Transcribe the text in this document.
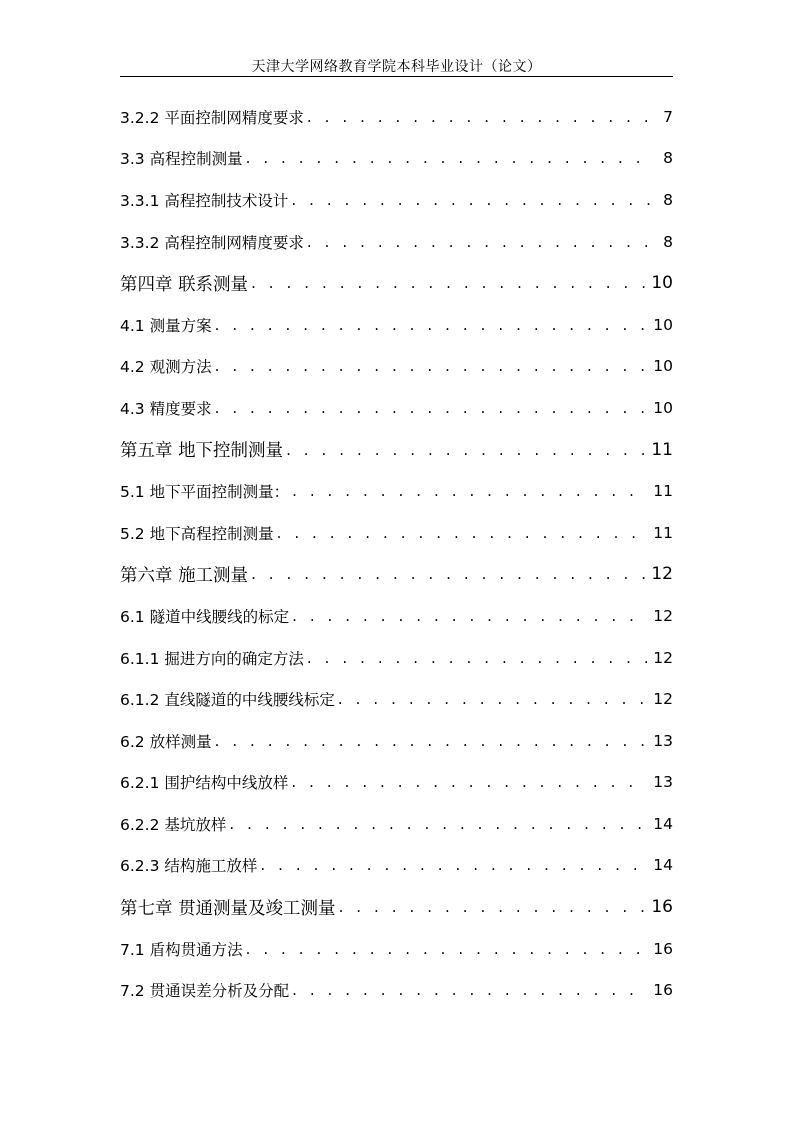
天津大学网络教育学院本科毕业设计（论文）
3.2.2 平面控制网精度要求 . . .	7
3.3 高程控制测量 . . .	8
3.3.1 高程控制技术设计 . . .	8
3.3.2 高程控制网精度要求 . . .	8
第四章 联系测量 . . .	10
4.1 测量方案 . . .	10
4.2 观测方法 . . .	10
4.3 精度要求 . . .	10
第五章 地下控制测量 . . .	11
5.1 地下平面控制测量： . . .	11
5.2 地下高程控制测量 . . .	11
第六章 施工测量 . . .	12
6.1 隧道中线腰线的标定 . . .	12
6.1.1 掘进方向的确定方法 . . .	12
6.1.2 直线隧道的中线腰线标定 . . .	12
6.2 放样测量 . . .	13
6.2.1 围护结构中线放样 . . .	13
6.2.2 基坑放样 . . .	14
6.2.3 结构施工放样 . . .	14
第七章 贯通测量及竣工测量 . . .	16
7.1 盾构贯通方法 . . .	16
7.2 贯通误差分析及分配 . . .	16
